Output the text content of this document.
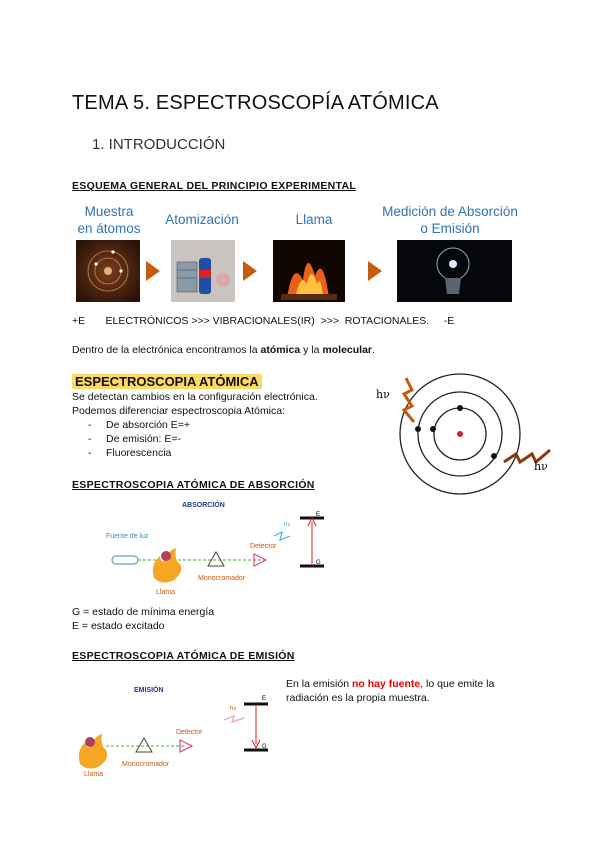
TEMA 5. ESPECTROSCOPÍA ATÓMICA
1. INTRODUCCIÓN
ESQUEMA GENERAL DEL PRINCIPIO EXPERIMENTAL
Muestra
en átomos
Atomización	Llama
Medición de Absorción
o Emisión
+E       ELECTRÓNICOS >>> VIBRACIONALES(IR)  >>>  ROTACIONALES.     -E
Dentro de la electrónica encontramos la atómica y la molecular.
ESPECTROSCOPIA ATÓMICA
Se detectan cambios en la configuración electrónica.
Podemos diferenciar espectroscopia Atómica:
- De absorción E=+
- De emisión: E=-
- Fluorescencia
hν
hν
ESPECTROSCOPIA ATÓMICA DE ABSORCIÓN
ABSORCIÓN
Fuente de luz
Llama
Monocromador
Detector
E
G
hν
G = estado de mínima energía
E = estado excitado
ESPECTROSCOPIA ATÓMICA DE EMISIÓN
EMISIÓN
Llama
Monocromador
Detector
E
G
hν
En la emisión no hay fuente, lo que emite la radiación es la propia muestra.
